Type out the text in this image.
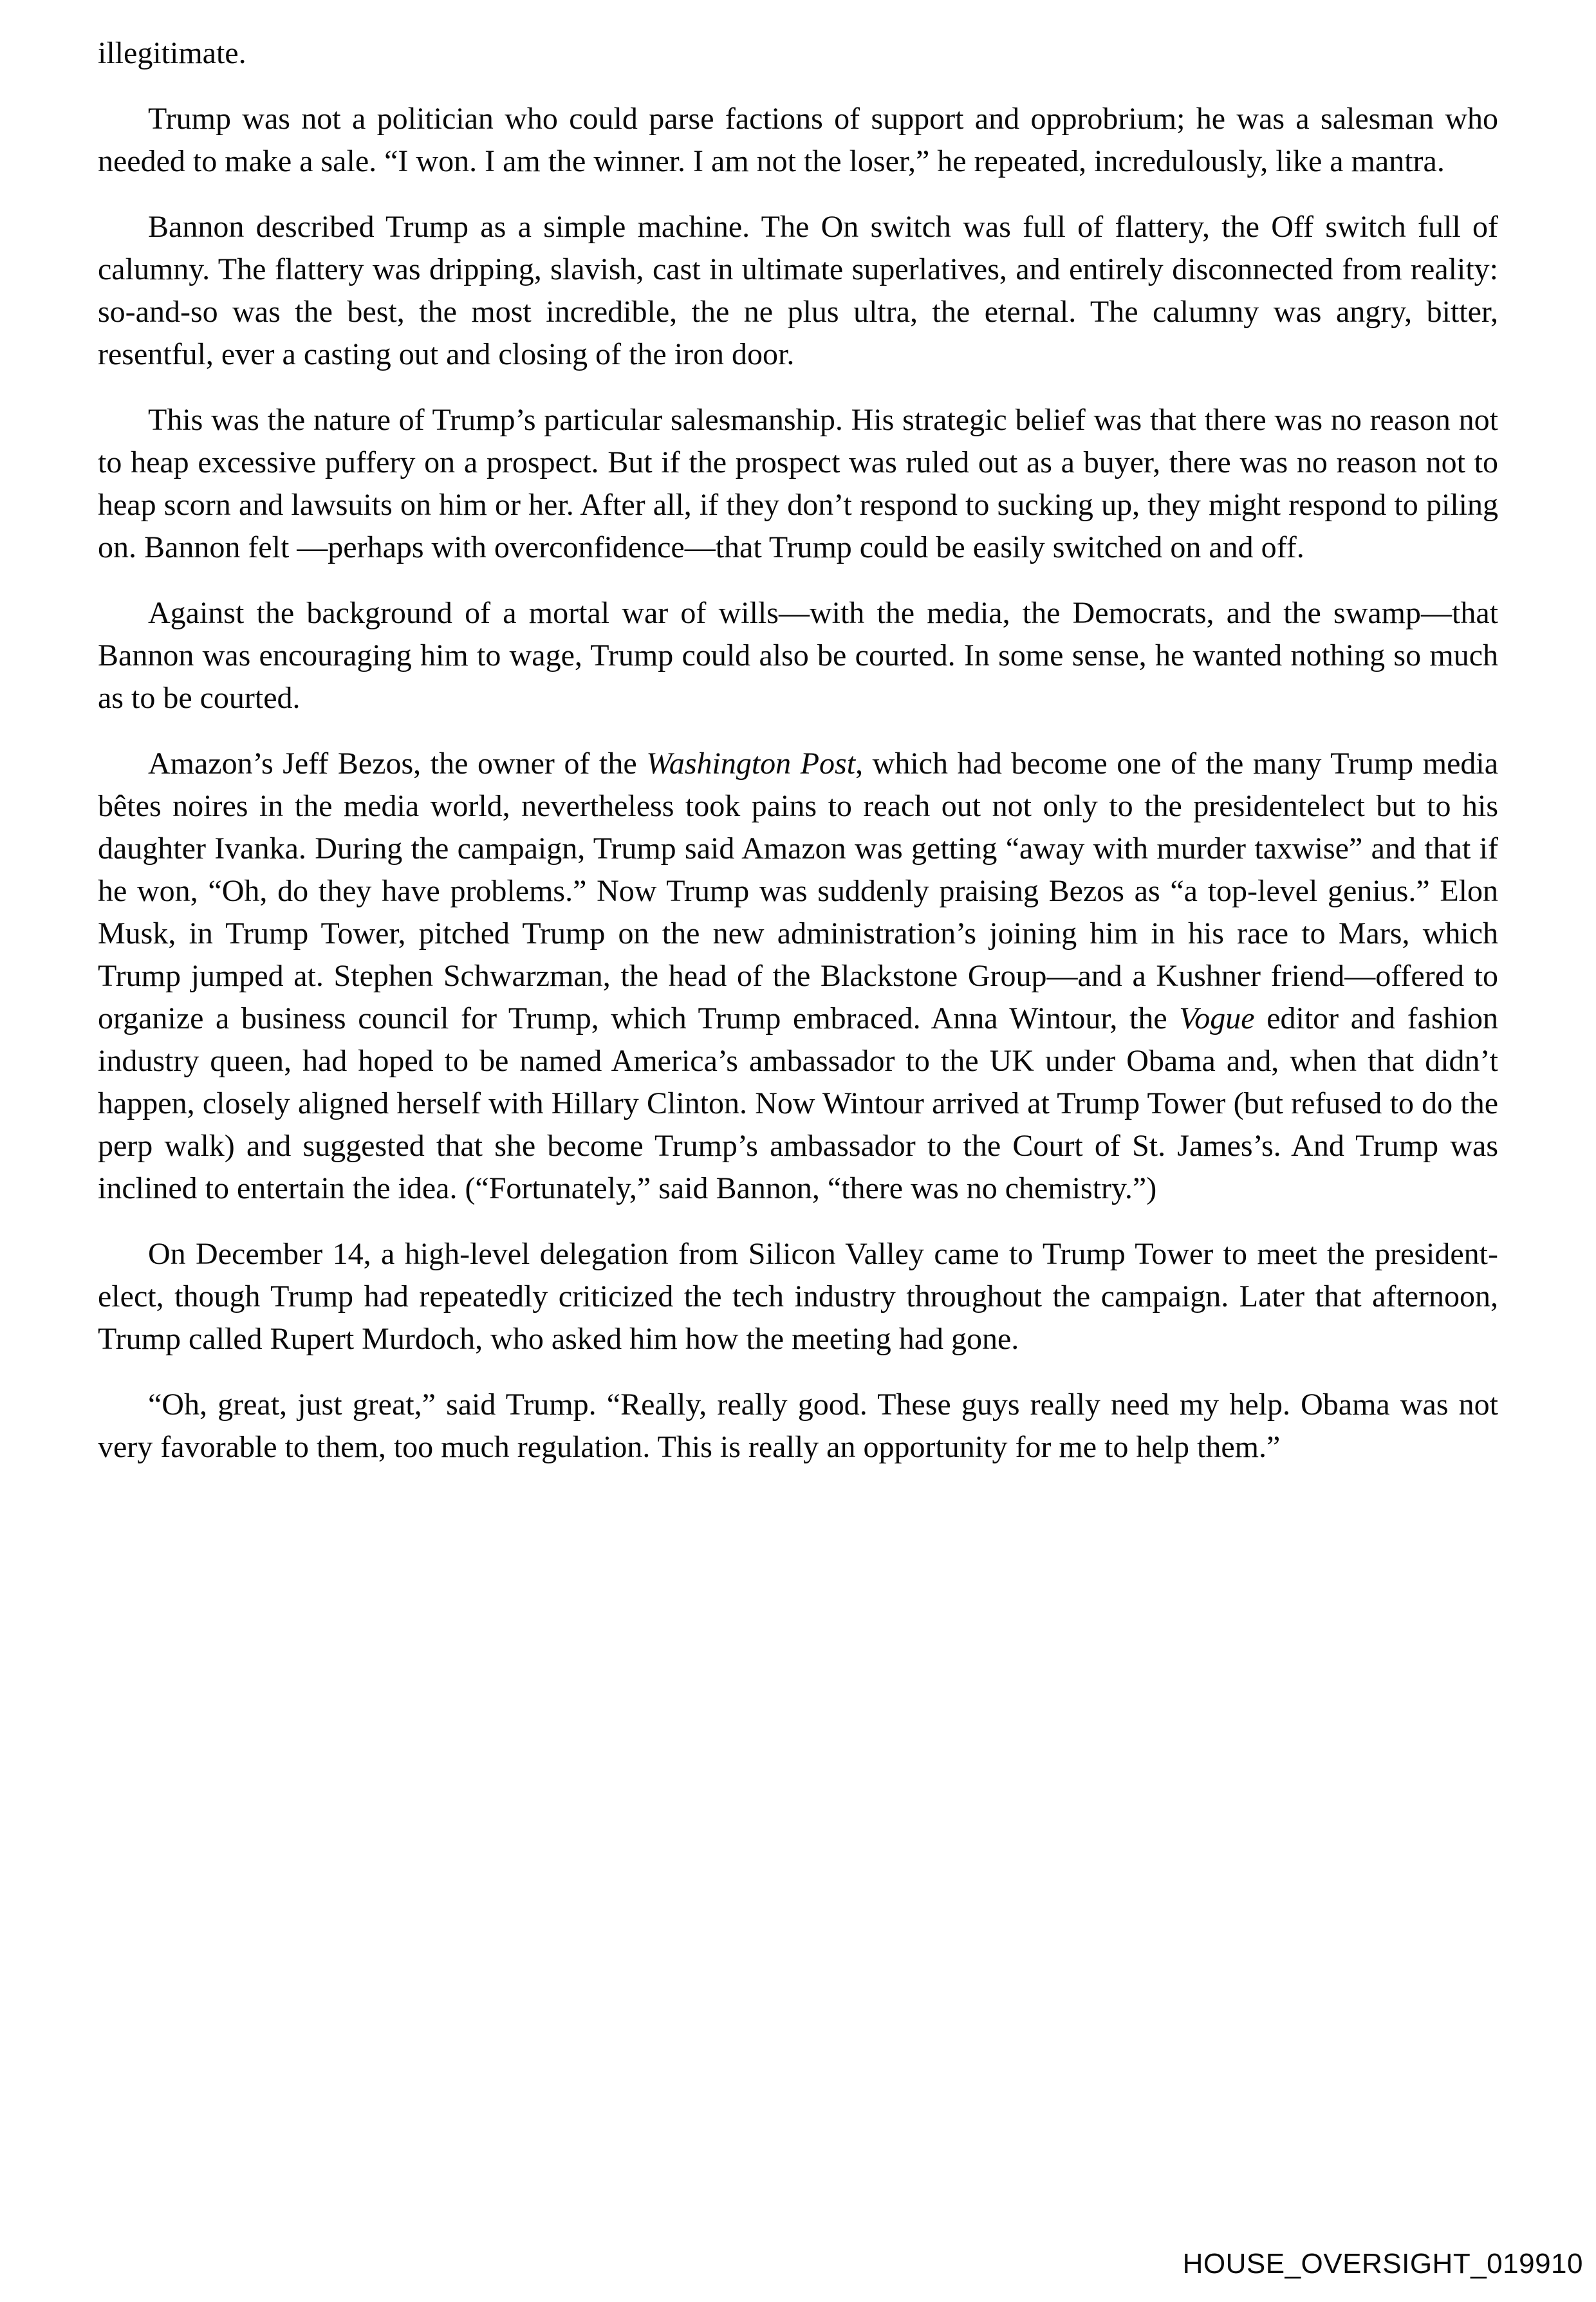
illegitimate.

Trump was not a politician who could parse factions of support and opprobrium; he was a salesman who needed to make a sale. “I won. I am the winner. I am not the loser,” he repeated, incredulously, like a mantra.

Bannon described Trump as a simple machine. The On switch was full of flattery, the Off switch full of calumny. The flattery was dripping, slavish, cast in ultimate superlatives, and entirely disconnected from reality: so-and-so was the best, the most incredible, the ne plus ultra, the eternal. The calumny was angry, bitter, resentful, ever a casting out and closing of the iron door.

This was the nature of Trump’s particular salesmanship. His strategic belief was that there was no reason not to heap excessive puffery on a prospect. But if the prospect was ruled out as a buyer, there was no reason not to heap scorn and lawsuits on him or her. After all, if they don’t respond to sucking up, they might respond to piling on. Bannon felt —perhaps with overconfidence—that Trump could be easily switched on and off.

Against the background of a mortal war of wills—with the media, the Democrats, and the swamp—that Bannon was encouraging him to wage, Trump could also be courted. In some sense, he wanted nothing so much as to be courted.

Amazon’s Jeff Bezos, the owner of the Washington Post, which had become one of the many Trump media bêtes noires in the media world, nevertheless took pains to reach out not only to the presidentelect but to his daughter Ivanka. During the campaign, Trump said Amazon was getting “away with murder taxwise” and that if he won, “Oh, do they have problems.” Now Trump was suddenly praising Bezos as “a top-level genius.” Elon Musk, in Trump Tower, pitched Trump on the new administration’s joining him in his race to Mars, which Trump jumped at. Stephen Schwarzman, the head of the Blackstone Group—and a Kushner friend—offered to organize a business council for Trump, which Trump embraced. Anna Wintour, the Vogue editor and fashion industry queen, had hoped to be named America’s ambassador to the UK under Obama and, when that didn’t happen, closely aligned herself with Hillary Clinton. Now Wintour arrived at Trump Tower (but refused to do the perp walk) and suggested that she become Trump’s ambassador to the Court of St. James’s. And Trump was inclined to entertain the idea. (“Fortunately,” said Bannon, “there was no chemistry.”)

On December 14, a high-level delegation from Silicon Valley came to Trump Tower to meet the president-elect, though Trump had repeatedly criticized the tech industry throughout the campaign. Later that afternoon, Trump called Rupert Murdoch, who asked him how the meeting had gone.

“Oh, great, just great,” said Trump. “Really, really good. These guys really need my help. Obama was not very favorable to them, too much regulation. This is really an opportunity for me to help them.”

HOUSE_OVERSIGHT_019910
